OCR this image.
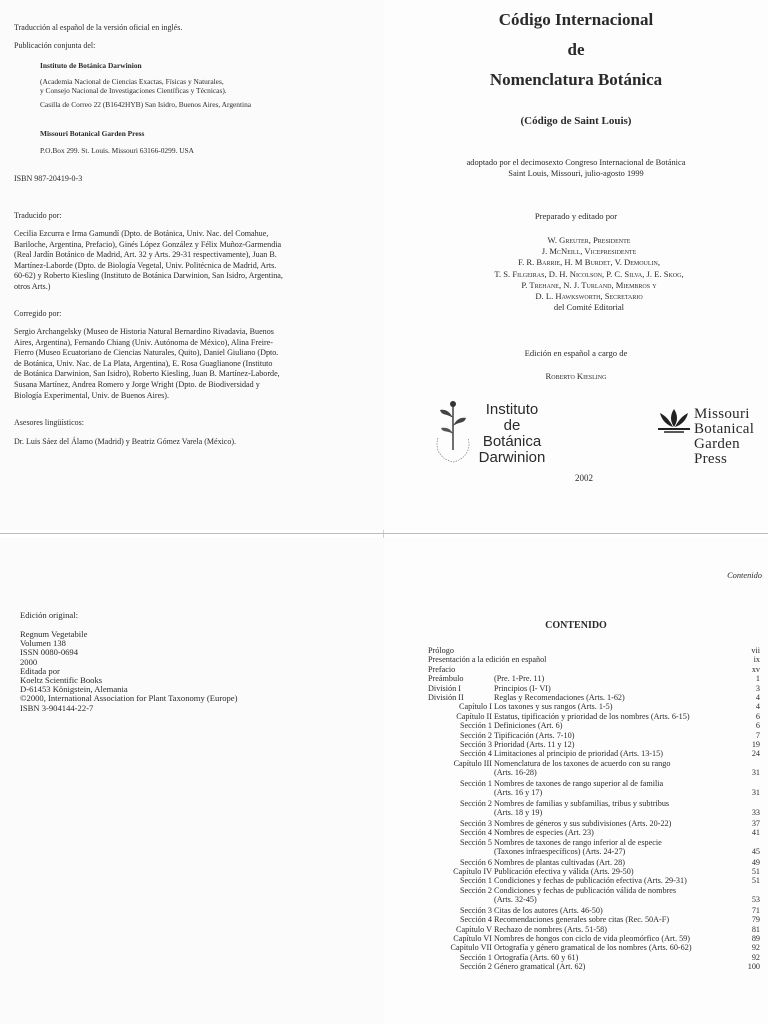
Traducción al español de la versión oficial en inglés.

Publicación conjunta del:

Instituto de Botánica Darwinion

(Academia Nacional de Ciencias Exactas, Físicas y Naturales,

y Consejo Nacional de Investigaciones Científicas y Técnicas).

Casilla de Correo 22 (B1642HYB) San Isidro, Buenos Aires, Argentina

Missouri Botanical Garden Press

P.O.Box 299. St. Louis. Missouri 63166-0299. USA

ISBN 987-20419-0-3

Traducido por:

Cecilia Ezcurra e Irma Gamundí (Dpto. de Botánica, Univ. Nac. del Comahue,

Bariloche, Argentina, Prefacio), Ginés López González y Félix Muñoz-Garmendia

(Real Jardín Botánico de Madrid, Art. 32 y Arts. 29-31 respectivamente), Juan B.

Martínez-Laborde (Dpto. de Biología Vegetal, Univ. Politécnica de Madrid, Arts.

60-62) y Roberto Kiesling (Instituto de Botánica Darwinion, San Isidro, Argentina,

otros Arts.)

Corregido por:

Sergio Archangelsky (Museo de Historia Natural Bernardino Rivadavia, Buenos

Aires, Argentina), Fernando Chiang (Univ. Autónoma de México), Alina Freire-

Fierro (Museo Ecuatoriano de Ciencias Naturales, Quito), Daniel Giuliano (Dpto.

de Botánica, Univ. Nac. de La Plata, Argentina), E. Rosa Guaglianone (Instituto

de Botánica Darwinion, San Isidro), Roberto Kiesling, Juan B. Martínez-Laborde,

Susana Martínez, Andrea Romero y Jorge Wright (Dpto. de Biodiversidad y

Biología Experimental, Univ. de Buenos Aires).

Asesores lingüísticos:

Dr. Luis Sáez del Álamo (Madrid) y Beatriz Gómez Varela (México).

Código Internacional

de

Nomenclatura Botánica

(Código de Saint Louis)

adoptado por el decimosexto Congreso Internacional de Botánica

Saint Louis, Missouri, julio-agosto 1999

Preparado y editado por

W. Greuter, Presidente

J. McNeill, Vicepresidente

F. R. Barrie, H. M Burdet, V. Demoulin,

T. S. Filgeiras, D. H. Nicolson, P. C. Silva, J. E. Skog,

P. Trehane, N. J. Turland, Miembros y

D. L. Hawksworth, Secretario

del Comité Editorial

Edición en español a cargo de

Roberto Kiesling

Instituto
de
Botánica
Darwinion
Missouri
Botanical
Garden
Press

2002

Edición original:

Regnum Vegetabile
Volumen 138
ISSN 0080-0694
2000
Editada por
Koeltz Scientific Books
D-61453 Königstein, Alemania
©2000, International Association for Plant Taxonomy (Europe)
ISBN 3-904144-22-7

Contenido

CONTENIDO

Prólogo	vii
Presentación a la edición en español	ix
Prefacio	xv
Preámbulo	(Pre. 1-Pre. 11)	1
División I	Principios (I- VI)	3
División II	Reglas y Recomendaciones (Arts. 1-62)	4
Capítulo I Los taxones y sus rangos (Arts. 1-5)	4
Capítulo II Estatus, tipificación y prioridad de los nombres (Arts. 6-15)	6
Sección 1 Definiciones (Art. 6)	6
Sección 2 Tipificación (Arts. 7-10)	7
Sección 3 Prioridad (Arts. 11 y 12)	19
Sección 4 Limitaciones al principio de prioridad (Arts. 13-15)	24
Capítulo III Nomenclatura de los taxones de acuerdo con su rango
(Arts. 16-28)	31
Sección 1 Nombres de taxones de rango superior al de familia
(Arts. 16 y 17)	31
Sección 2 Nombres de familias y subfamilias, tribus y subtribus
(Arts. 18 y 19)	33
Sección 3 Nombres de géneros y sus subdivisiones (Arts. 20-22)	37
Sección 4 Nombres de especies (Art. 23)	41
Sección 5 Nombres de taxones de rango inferior al de especie
(Taxones infraespecíficos) (Arts. 24-27)	45
Sección 6 Nombres de plantas cultivadas (Art. 28)	49
Capítulo IV Publicación efectiva y válida (Arts. 29-50)	51
Sección 1 Condiciones y fechas de publicación efectiva (Arts. 29-31)	51
Sección 2 Condiciones y fechas de publicación válida de nombres
(Arts. 32-45)	53
Sección 3 Citas de los autores (Arts. 46-50)	71
Sección 4 Recomendaciones generales sobre citas (Rec. 50A-F)	79
Capítulo V Rechazo de nombres (Arts. 51-58)	81
Capítulo VI Nombres de hongos con ciclo de vida pleomórfico (Art. 59)	89
Capítulo VII Ortografía y género gramatical de los nombres (Arts. 60-62)	92
Sección 1 Ortografía (Arts. 60 y 61)	92
Sección 2 Género gramatical (Art. 62)	100
